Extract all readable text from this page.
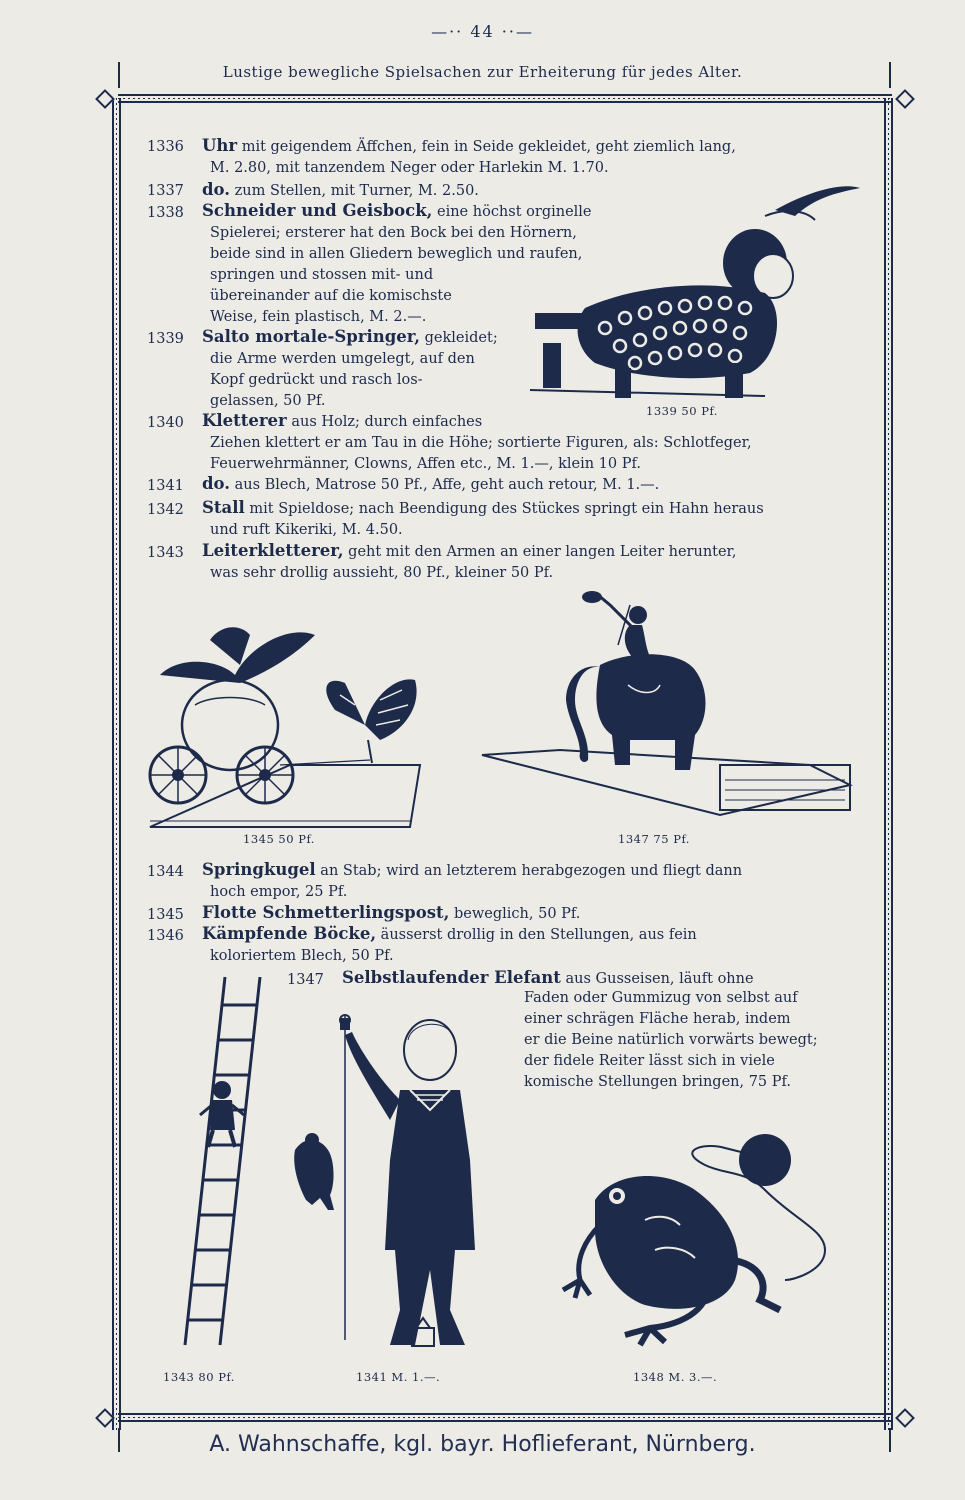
—·· 44 ··—
Lustige bewegliche Spielsachen zur Erheiterung für jedes Alter.
1336 Uhr mit geigendem Äffchen, fein in Seide gekleidet, geht ziemlich lang,
M. 2.80, mit tanzendem Neger oder Harlekin M. 1.70.
1337 do. zum Stellen, mit Turner, M. 2.50.
1338 Schneider und Geisbock, eine höchst orginelle
Spielerei; ersterer hat den Bock bei den Hörnern,
beide sind in allen Gliedern beweglich und raufen,
springen und stossen mit- und
übereinander auf die komischste
Weise, fein plastisch, M. 2.—.
1339 Salto mortale-Springer, gekleidet;
die Arme werden umgelegt, auf den
Kopf gedrückt und rasch los-
gelassen, 50 Pf.
1339 50 Pf.
1340 Kletterer aus Holz; durch einfaches
Ziehen klettert er am Tau in die Höhe; sortierte Figuren, als: Schlotfeger,
Feuerwehrmänner, Clowns, Affen etc., M. 1.—, klein 10 Pf.
1341 do. aus Blech, Matrose 50 Pf., Affe, geht auch retour, M. 1.—.
1342 Stall mit Spieldose; nach Beendigung des Stückes springt ein Hahn heraus
und ruft Kikeriki, M. 4.50.
1343 Leiterkletterer, geht mit den Armen an einer langen Leiter herunter,
was sehr drollig aussieht, 80 Pf., kleiner 50 Pf.
1345 50 Pf.	1347 75 Pf.
1344 Springkugel an Stab; wird an letzterem herabgezogen und fliegt dann
hoch empor, 25 Pf.
1345 Flotte Schmetterlingspost, beweglich, 50 Pf.
1346 Kämpfende Böcke, äusserst drollig in den Stellungen, aus fein
koloriertem Blech, 50 Pf.
1347 Selbstlaufender Elefant aus Gusseisen, läuft ohne
Faden oder Gummizug von selbst auf
einer schrägen Fläche herab, indem
er die Beine natürlich vorwärts bewegt;
der fidele Reiter lässt sich in viele
komische Stellungen bringen, 75 Pf.
1343 80 Pf.	1341 M. 1.—.	1348 M. 3.—.
A. Wahnschaffe, kgl. bayr. Hoflieferant, Nürnberg.
